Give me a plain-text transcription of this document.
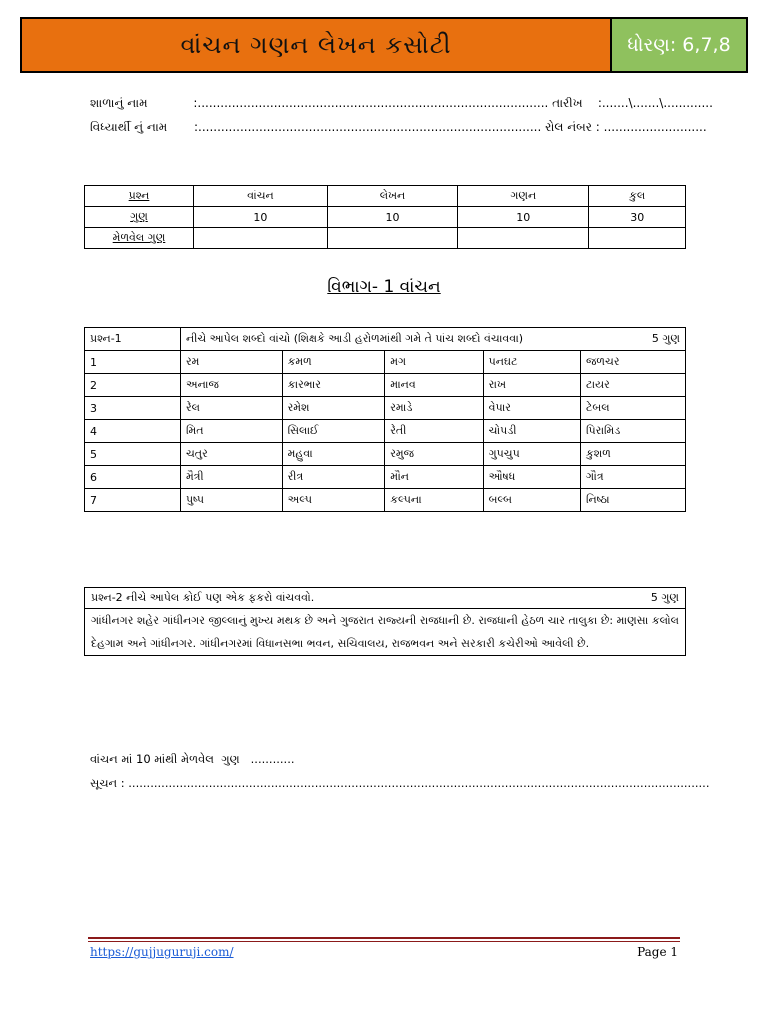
વાંચન ગણન લેખન કસોટી	ધોરણ: 6,7,8
શાળાનું નામ            :............................................................................................ તારીખ    :.......\.......\.............
વિધ્યાર્થી નું નામ       :.......................................................................................... રોલ નંબર : ...........................
પ્રશ્ન	વાંચન	લેખન	ગણન	કુલ
ગુણ	10	10	10	30
મેળવેલ ગુણ				
વિભાગ- 1 વાંચન
પ્રશ્ન-1	નીચે આપેલ શબ્દો વાંચો (શિક્ષકે આડી હરોળમાંથી ગમે તે પાંચ શબ્દો વંચાવવા) 5 ગુણ				

1	રમ	કમળ	મગ	પનઘટ	જળચર
2	અનાજ	કારભાર	માનવ	રાખ	ટાયર
3	રેલ	રમેશ	રમાડે	વેપાર	ટેબલ
4	મિત	સિલાઈ	રેતી	ચોપડી	પિરામિડ
5	ચતુર	મહુવા	રમુજ	ગુપચુપ	કુશળ
6	મૈત્રી	રીત્ર	મૌન	ઔષધ	ગૌત્ર
7	પુષ્પ	અલ્પ	કલ્પના	બલ્બ	નિષ્ઠા
પ્રશ્ન-2 નીચે આપેલ કોઈ પણ એક ફકરો વાંચવવો.	5 ગુણ
ગાંધીનગર શહેર ગાંધીનગર જીલ્લાનું મુખ્ય મથક છે અને ગુજરાત રાજ્યની રાજધાની છે. રાજધાની હેઠળ ચાર તાલુકા છે: માણસા કલોલ દેહગામ અને ગાંધીનગર. ગાંધીનગરમાં વિધાનસભા ભવન, સચિવાલય, રાજભવન અને સરકારી કચેરીઓ આવેલી છે.
વાંચન માં 10 માંથી મેળવેલ  ગુણ   ............
સૂચન : ...............................................................................................................................................................
https://gujjuguruji.com/	Page 1
